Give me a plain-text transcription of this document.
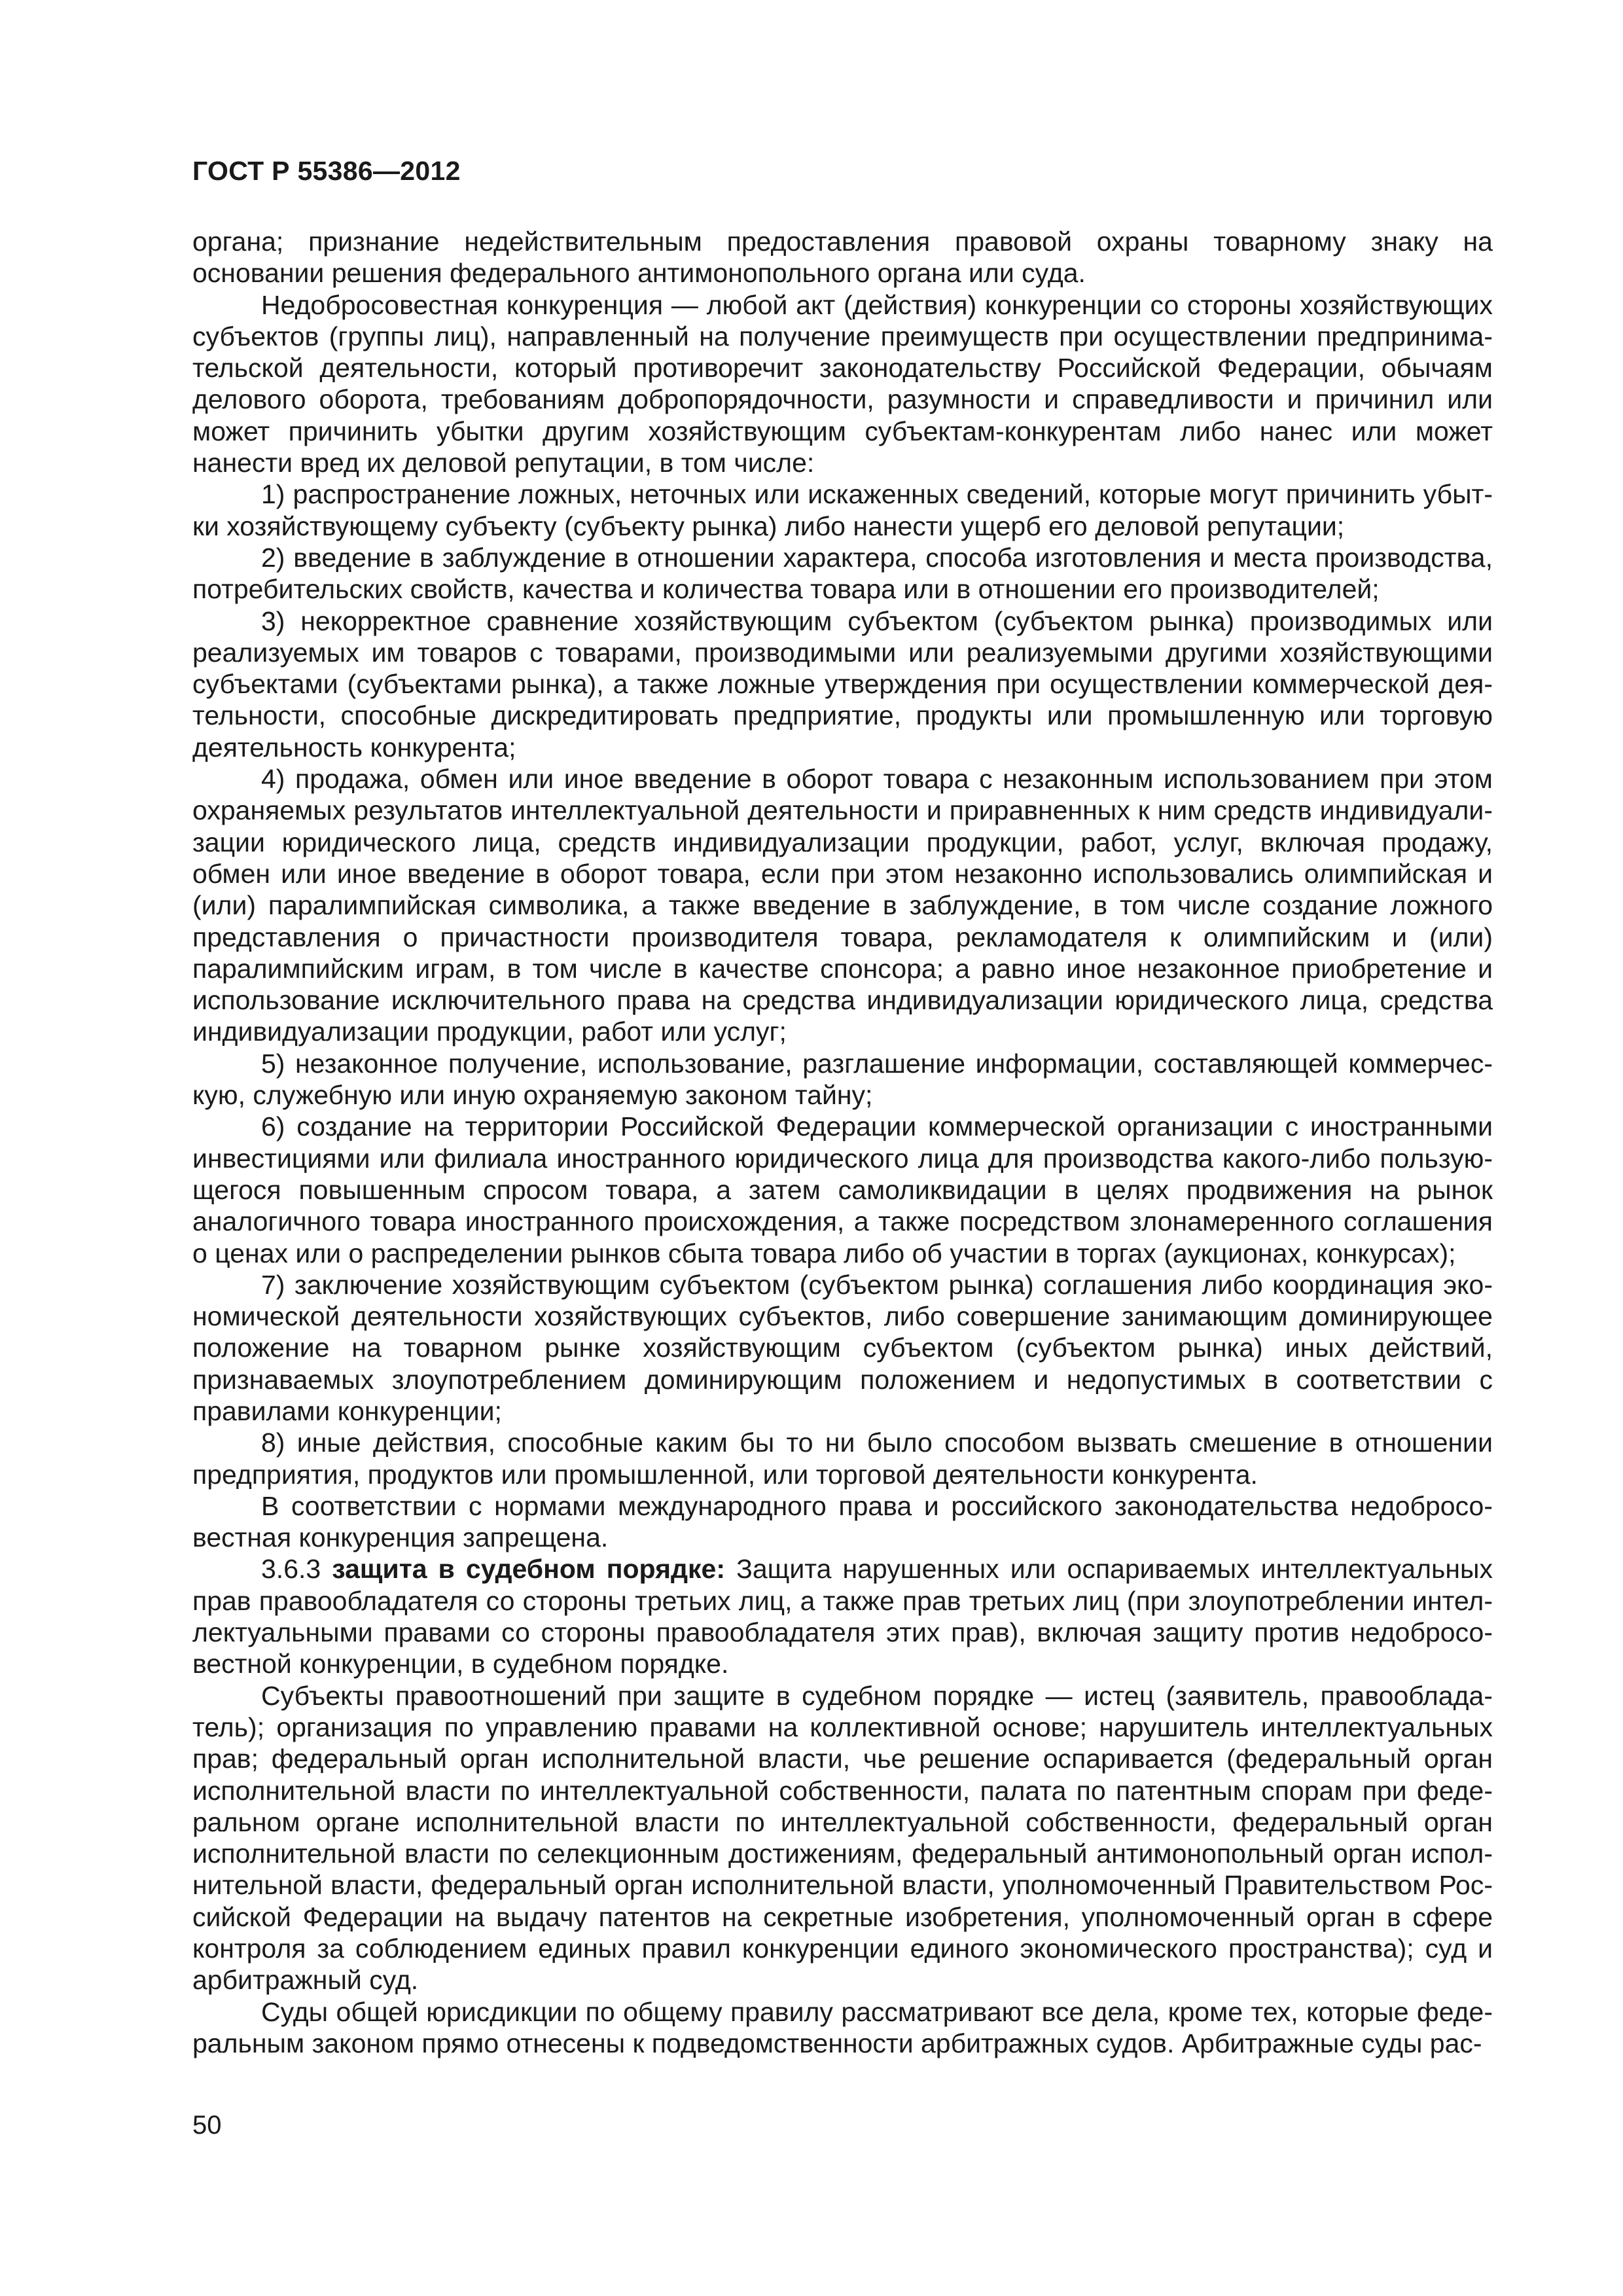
ГОСТ Р 55386—2012

органа; признание недействительным предоставления правовой охраны товарному знаку на основании решения федерального антимонопольного органа или суда.

Недобросовестная конкуренция — любой акт (действия) конкуренции со стороны хозяйствующих субъектов (группы лиц), направленный на получение преимуществ при осуществлении предпринимательской деятельности, который противоречит законодательству Российской Федерации, обычаям делового оборота, требованиям добропорядочности, разумности и справедливости и причинил или может причинить убытки другим хозяйствующим субъектам-конкурентам либо нанес или может нанести вред их деловой репутации, в том числе:

1) распространение ложных, неточных или искаженных сведений, которые могут причинить убытки хозяйствующему субъекту (субъекту рынка) либо нанести ущерб его деловой репутации;

2) введение в заблуждение в отношении характера, способа изготовления и места производства, потребительских свойств, качества и количества товара или в отношении его производителей;

3) некорректное сравнение хозяйствующим субъектом (субъектом рынка) производимых или реализуемых им товаров с товарами, производимыми или реализуемыми другими хозяйствующими субъектами (субъектами рынка), а также ложные утверждения при осуществлении коммерческой деятельности, способные дискредитировать предприятие, продукты или промышленную или торговую деятельность конкурента;

4) продажа, обмен или иное введение в оборот товара с незаконным использованием при этом охраняемых результатов интеллектуальной деятельности и приравненных к ним средств индивидуализации юридического лица, средств индивидуализации продукции, работ, услуг, включая продажу, обмен или иное введение в оборот товара, если при этом незаконно использовались олимпийская и (или) паралимпийская символика, а также введение в заблуждение, в том числе создание ложного представления о причастности производителя товара, рекламодателя к олимпийским и (или) паралимпийским играм, в том числе в качестве спонсора; а равно иное незаконное приобретение и использование исключительного права на средства индивидуализации юридического лица, средства индивидуализации продукции, работ или услуг;

5) незаконное получение, использование, разглашение информации, составляющей коммерческую, служебную или иную охраняемую законом тайну;

6) создание на территории Российской Федерации коммерческой организации с иностранными инвестициями или филиала иностранного юридического лица для производства какого-либо пользующегося повышенным спросом товара, а затем самоликвидации в целях продвижения на рынок аналогичного товара иностранного происхождения, а также посредством злонамеренного соглашения о ценах или о распределении рынков сбыта товара либо об участии в торгах (аукционах, конкурсах);

7) заключение хозяйствующим субъектом (субъектом рынка) соглашения либо координация экономической деятельности хозяйствующих субъектов, либо совершение занимающим доминирующее положение на товарном рынке хозяйствующим субъектом (субъектом рынка) иных действий, признаваемых злоупотреблением доминирующим положением и недопустимых в соответствии с правилами конкуренции;

8) иные действия, способные каким бы то ни было способом вызвать смешение в отношении предприятия, продуктов или промышленной, или торговой деятельности конкурента.

В соответствии с нормами международного права и российского законодательства недобросовестная конкуренция запрещена.

3.6.3 защита в судебном порядке: Защита нарушенных или оспариваемых интеллектуальных прав правообладателя со стороны третьих лиц, а также прав третьих лиц (при злоупотреблении интеллектуальными правами со стороны правообладателя этих прав), включая защиту против недобросовестной конкуренции, в судебном порядке.

Субъекты правоотношений при защите в судебном порядке — истец (заявитель, правообладатель); организация по управлению правами на коллективной основе; нарушитель интеллектуальных прав; федеральный орган исполнительной власти, чье решение оспаривается (федеральный орган исполнительной власти по интеллектуальной собственности, палата по патентным спорам при федеральном органе исполнительной власти по интеллектуальной собственности, федеральный орган исполнительной власти по селекционным достижениям, федеральный антимонопольный орган исполнительной власти, федеральный орган исполнительной власти, уполномоченный Правительством Российской Федерации на выдачу патентов на секретные изобретения, уполномоченный орган в сфере контроля за соблюдением единых правил конкуренции единого экономического пространства); суд и арбитражный суд.

Суды общей юрисдикции по общему правилу рассматривают все дела, кроме тех, которые федеральным законом прямо отнесены к подведомственности арбитражных судов. Арбитражные суды рас-

50
